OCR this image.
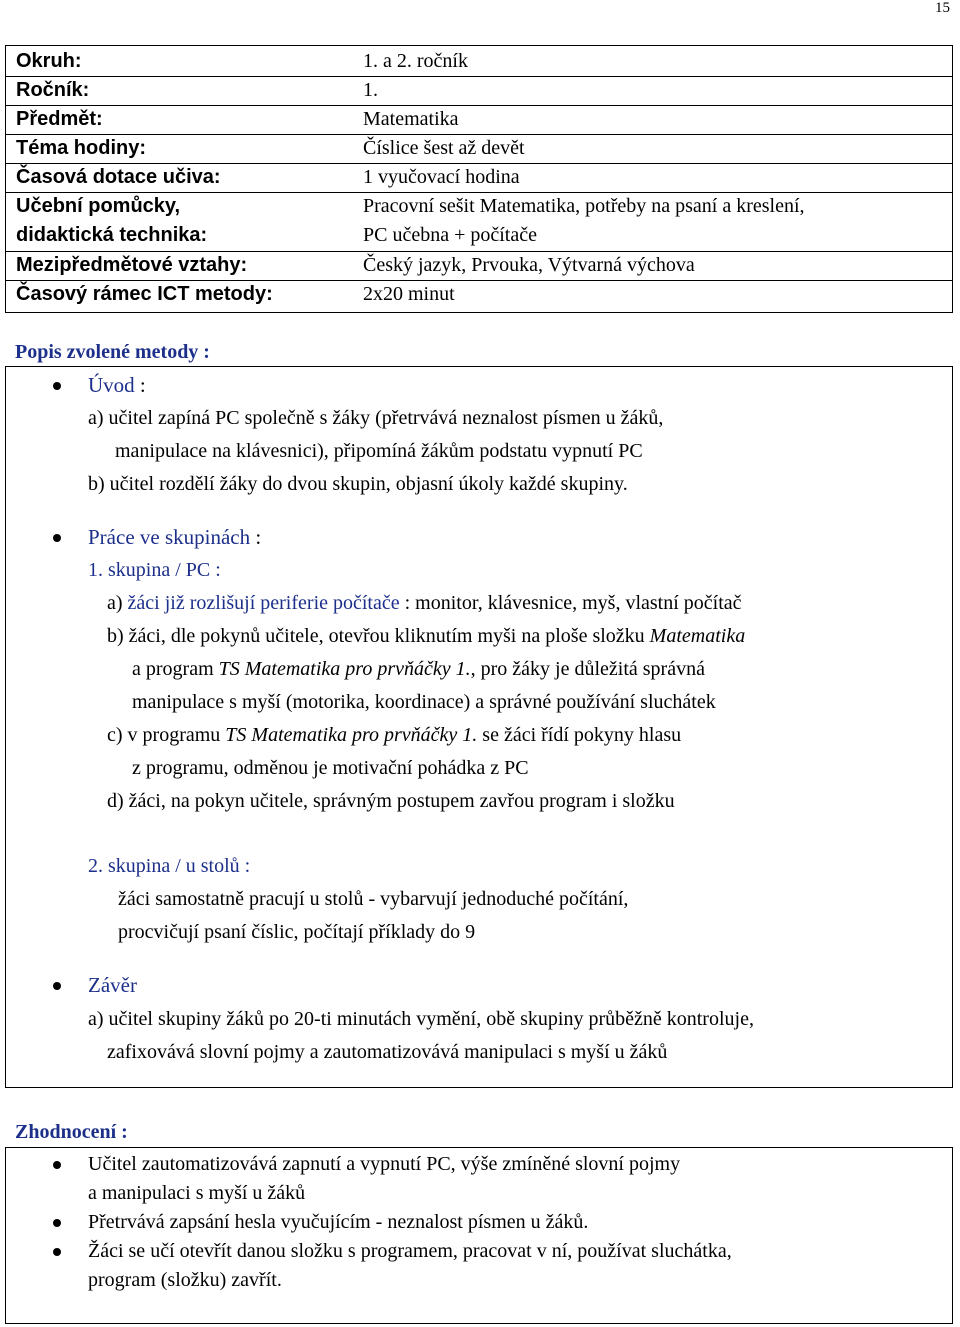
15
Okruh:	1. a 2. ročník
Ročník:	1.
Předmět:	Matematika
Téma hodiny:	Číslice šest až devět
Časová dotace učiva:	1 vyučovací hodina
Učební pomůcky,	Pracovní sešit Matematika, potřeby na psaní a kreslení,
didaktická technika:	PC učebna + počítače
Mezipředmětové vztahy:	Český jazyk, Prvouka, Výtvarná výchova
Časový rámec ICT metody:	2x20 minut
Popis zvolené metody :
Úvod :
a) učitel zapíná PC společně s žáky (přetrvává neznalost písmen u žáků,
manipulace na klávesnici), připomíná žákům podstatu vypnutí PC
b) učitel rozdělí žáky do dvou skupin, objasní úkoly každé skupiny.
Práce ve skupinách :
1. skupina / PC :
a) žáci již rozlišují periferie počítače : monitor, klávesnice, myš, vlastní počítač
b) žáci, dle pokynů učitele, otevřou kliknutím myši na ploše složku Matematika
a program TS Matematika pro prvňáčky 1., pro žáky je důležitá správná
manipulace s myší (motorika, koordinace) a správné používání sluchátek
c) v programu TS Matematika pro prvňáčky 1. se žáci řídí pokyny hlasu
z programu, odměnou je motivační pohádka z PC
d) žáci, na pokyn učitele, správným postupem zavřou program i složku
2. skupina / u stolů :
žáci samostatně pracují u stolů - vybarvují jednoduché počítání,
procvičují psaní číslic, počítají příklady do 9
Závěr
a) učitel skupiny žáků po 20-ti minutách vymění, obě skupiny průběžně kontroluje,
zafixovává slovní pojmy a zautomatizovává manipulaci s myší u žáků
Zhodnocení :
Učitel zautomatizovává zapnutí a vypnutí PC, výše zmíněné slovní pojmy
a manipulaci s myší u žáků
Přetrvává zapsání hesla vyučujícím - neznalost písmen u žáků.
Žáci se učí otevřít danou složku s programem, pracovat v ní, používat sluchátka,
program (složku) zavřít.
